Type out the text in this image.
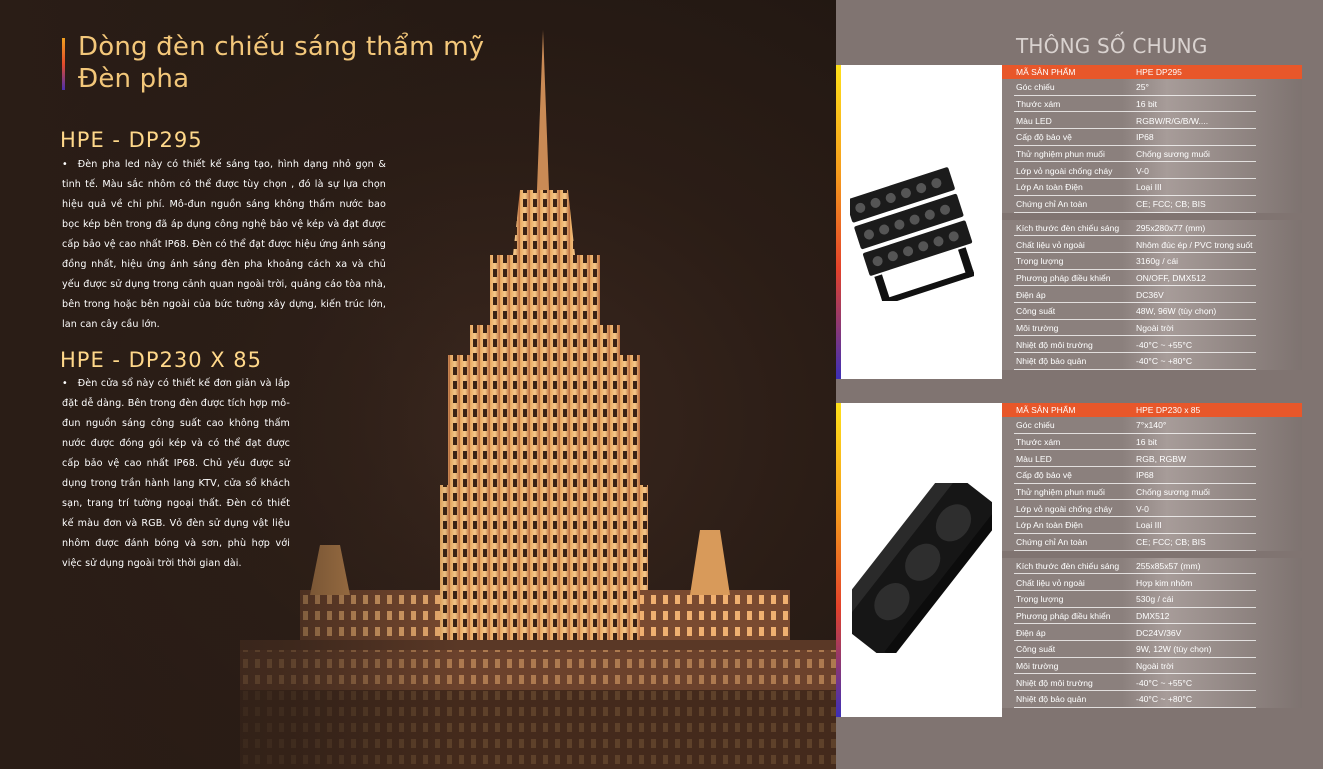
Dòng đèn chiếu sáng thẩm mỹ
Đèn pha
HPE - DP295
• Đèn pha led này có thiết kế sáng tạo, hình dạng nhỏ gọn & tinh tế. Màu sắc nhôm có thể được tùy chọn , đó là sự lựa chọn hiệu quả về chi phí. Mô-đun nguồn sáng không thấm nước bao bọc kép bên trong đã áp dụng công nghệ bảo vệ kép và đạt được cấp bảo vệ cao nhất IP68. Đèn có thể đạt được hiệu ứng ánh sáng đồng nhất, hiệu ứng ánh sáng đèn pha khoảng cách xa và chủ yếu được sử dụng trong cảnh quan ngoài trời, quảng cáo tòa nhà, bên trong hoặc bên ngoài của bức tường xây dựng, kiến trúc lớn, lan can cây cầu lớn.
HPE - DP230 X 85
• Đèn cửa sổ này có thiết kế đơn giản và lắp đặt dễ dàng. Bên trong đèn được tích hợp mô-đun nguồn sáng công suất cao không thấm nước được đóng gói kép và có thể đạt được cấp bảo vệ cao nhất IP68. Chủ yếu được sử dụng trong trần hành lang KTV, cửa sổ khách sạn, trang trí tường ngoại thất. Đèn có thiết kế màu đơn và RGB. Vỏ đèn sử dụng vật liệu nhôm được đánh bóng và sơn, phù hợp với việc sử dụng ngoài trời thời gian dài.
THÔNG SỐ CHUNG
MÃ SẢN PHẨM	HPE DP295
Góc chiếu	25°
Thước xám	16 bit
Màu LED	RGBW/R/G/B/W....
Cấp độ bảo vệ	IP68
Thử nghiệm phun muối	Chống sương muối
Lớp vỏ ngoài chống cháy	V-0
Lớp An toàn Điện	Loại III
Chứng chỉ An toàn	CE; FCC; CB; BIS
Kích thước đèn chiếu sáng	295x280x77 (mm)
Chất liệu vỏ ngoài	Nhôm đúc ép / PVC trong suốt
Trọng lượng	3160g / cái
Phương pháp điều khiển	ON/OFF, DMX512
Điện áp	DC36V
Công suất	48W, 96W (tùy chọn)
Môi trường	Ngoài trời
Nhiệt độ môi trường	-40°C ~ +55°C
Nhiệt độ bảo quản	-40°C ~ +80°C
MÃ SẢN PHẨM	HPE DP230 x 85
Góc chiếu	7°x140°
Thước xám	16 bit
Màu LED	RGB, RGBW
Cấp độ bảo vệ	IP68
Thử nghiệm phun muối	Chống sương muối
Lớp vỏ ngoài chống cháy	V-0
Lớp An toàn Điện	Loại III
Chứng chỉ An toàn	CE; FCC; CB; BIS
Kích thước đèn chiếu sáng	255x85x57 (mm)
Chất liệu vỏ ngoài	Hợp kim nhôm
Trọng lượng	530g / cái
Phương pháp điều khiển	DMX512
Điện áp	DC24V/36V
Công suất	9W, 12W (tùy chọn)
Môi trường	Ngoài trời
Nhiệt độ môi trường	-40°C ~ +55°C
Nhiệt độ bảo quản	-40°C ~ +80°C
